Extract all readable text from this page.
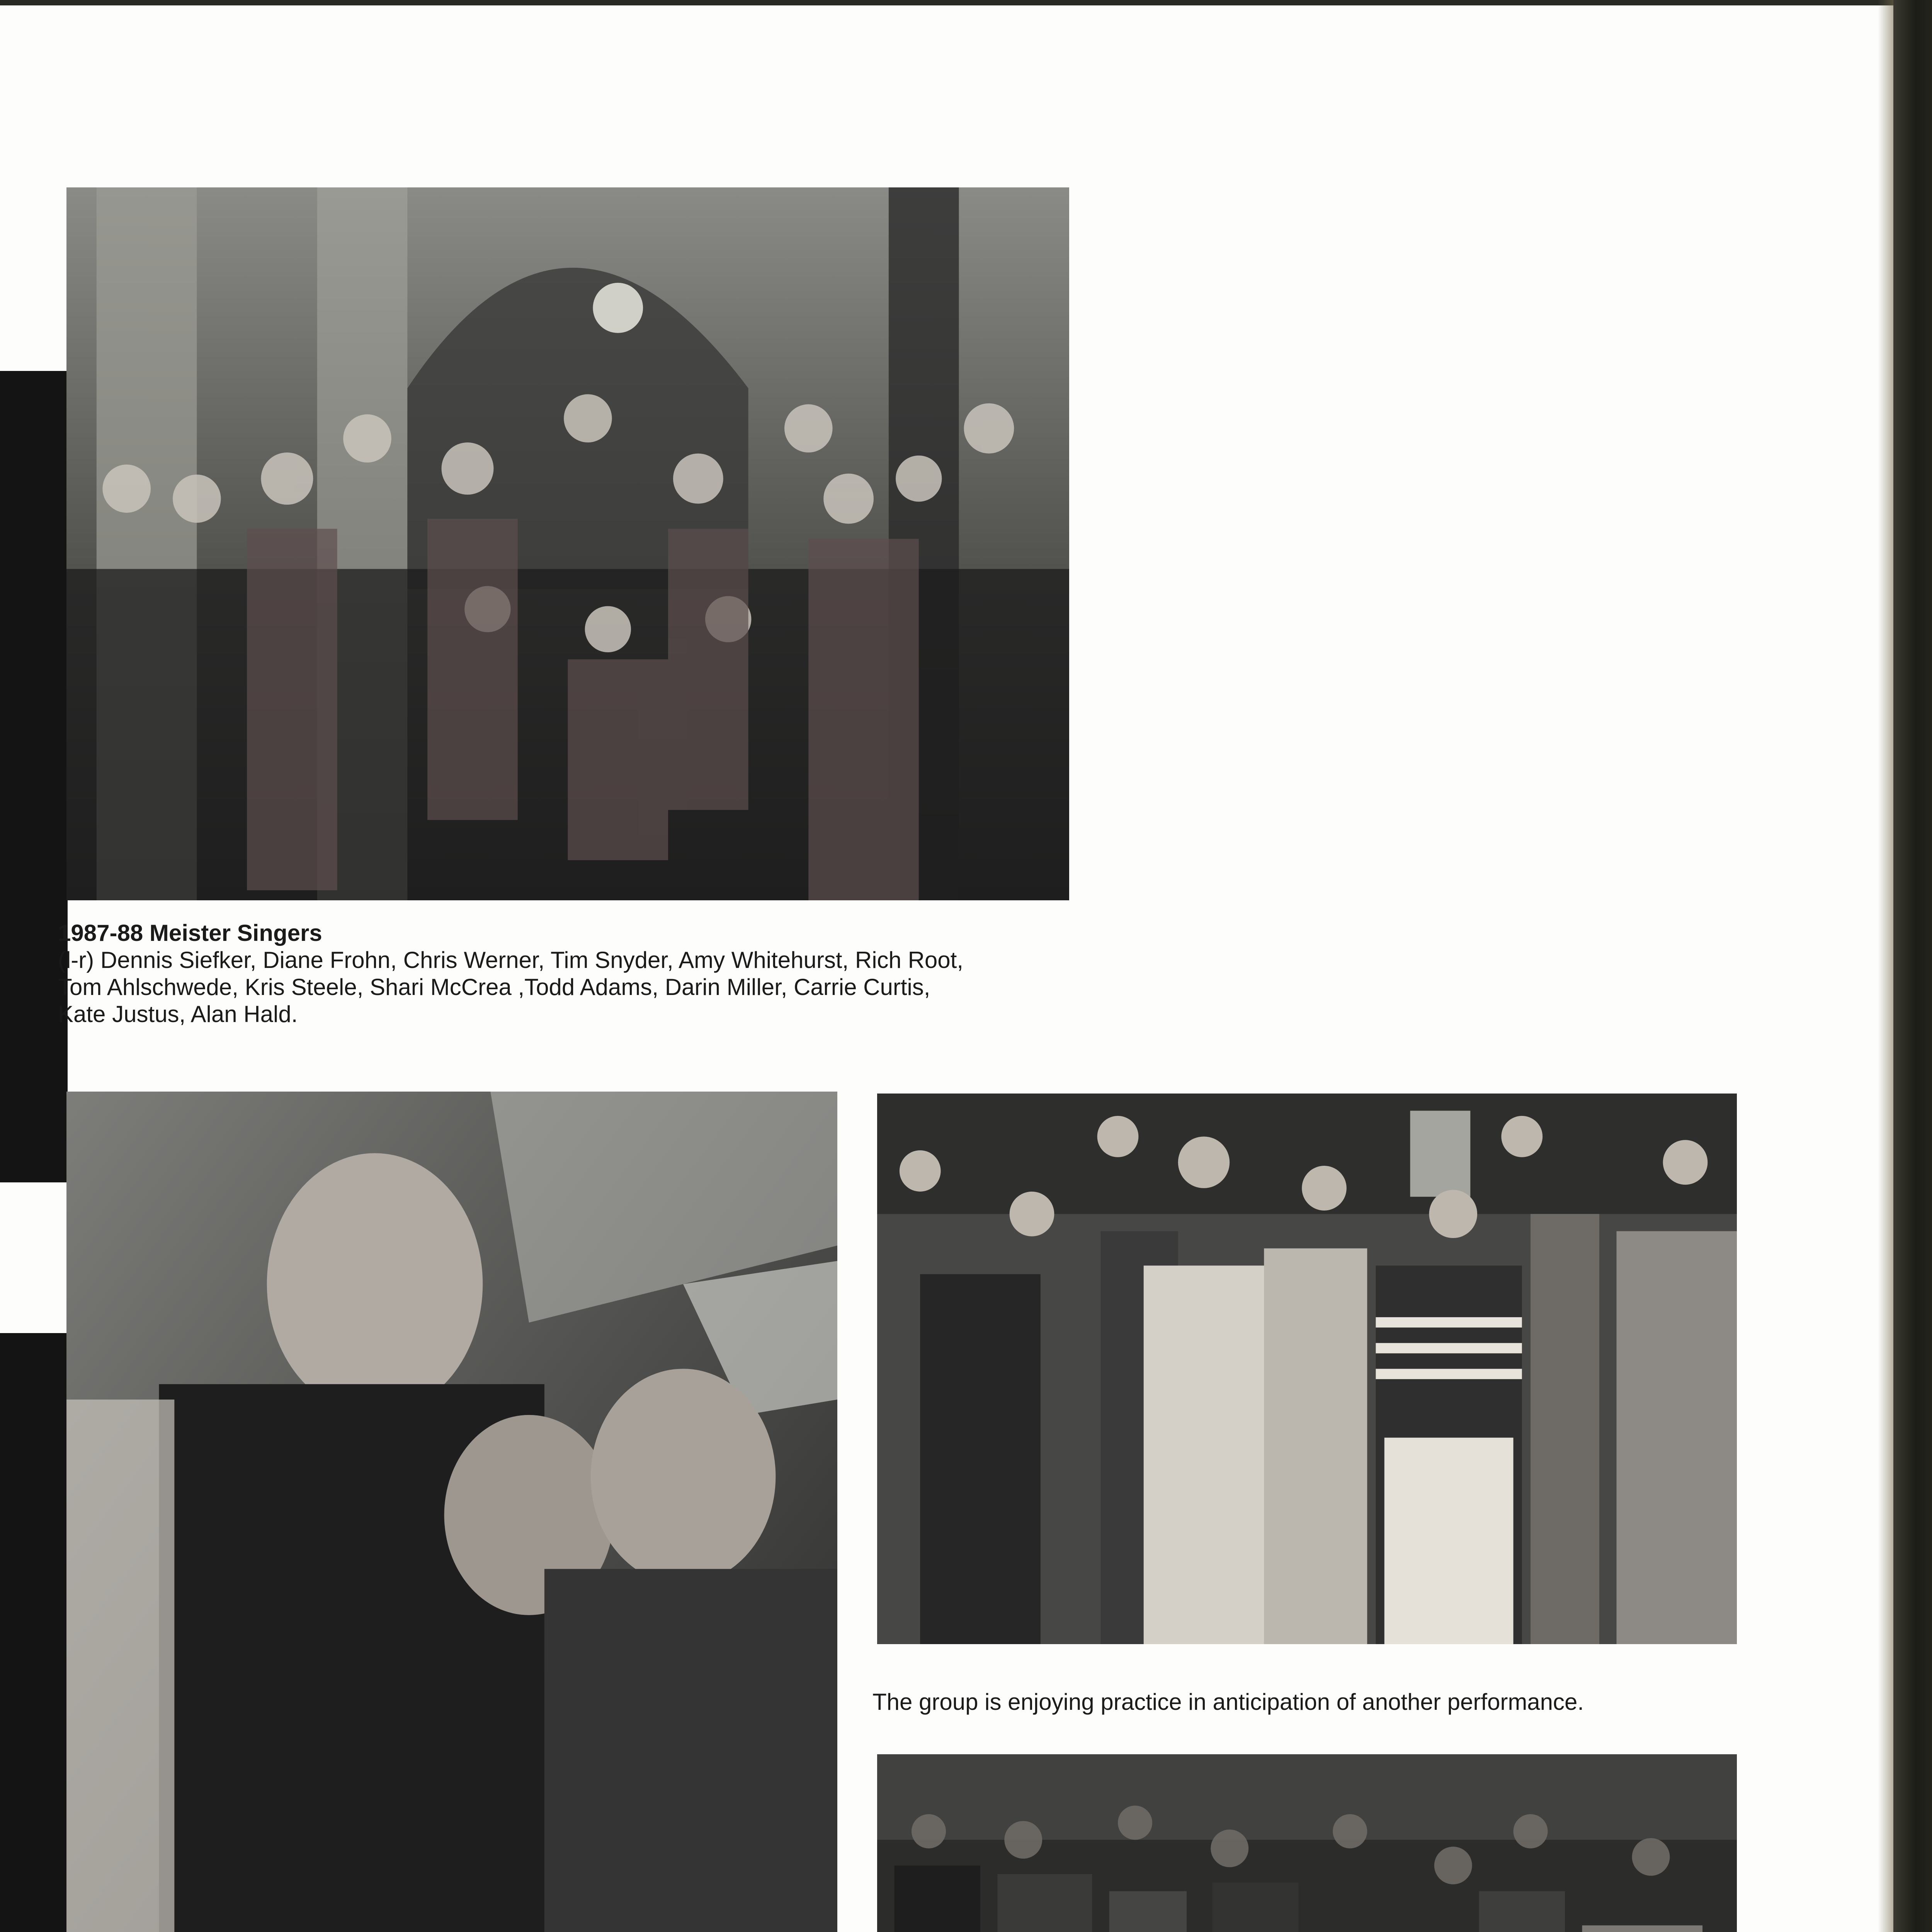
1987-88 Meister Singers
(l-r) Dennis Siefker, Diane Frohn, Chris Werner, Tim Snyder, Amy Whitehurst, Rich Root,
Tom Ahlschwede, Kris Steele, Shari McCrea ,Todd Adams, Darin Miller, Carrie Curtis,
Kate Justus, Alan Hald.
The group is enjoying practice in anticipation of another performance.
